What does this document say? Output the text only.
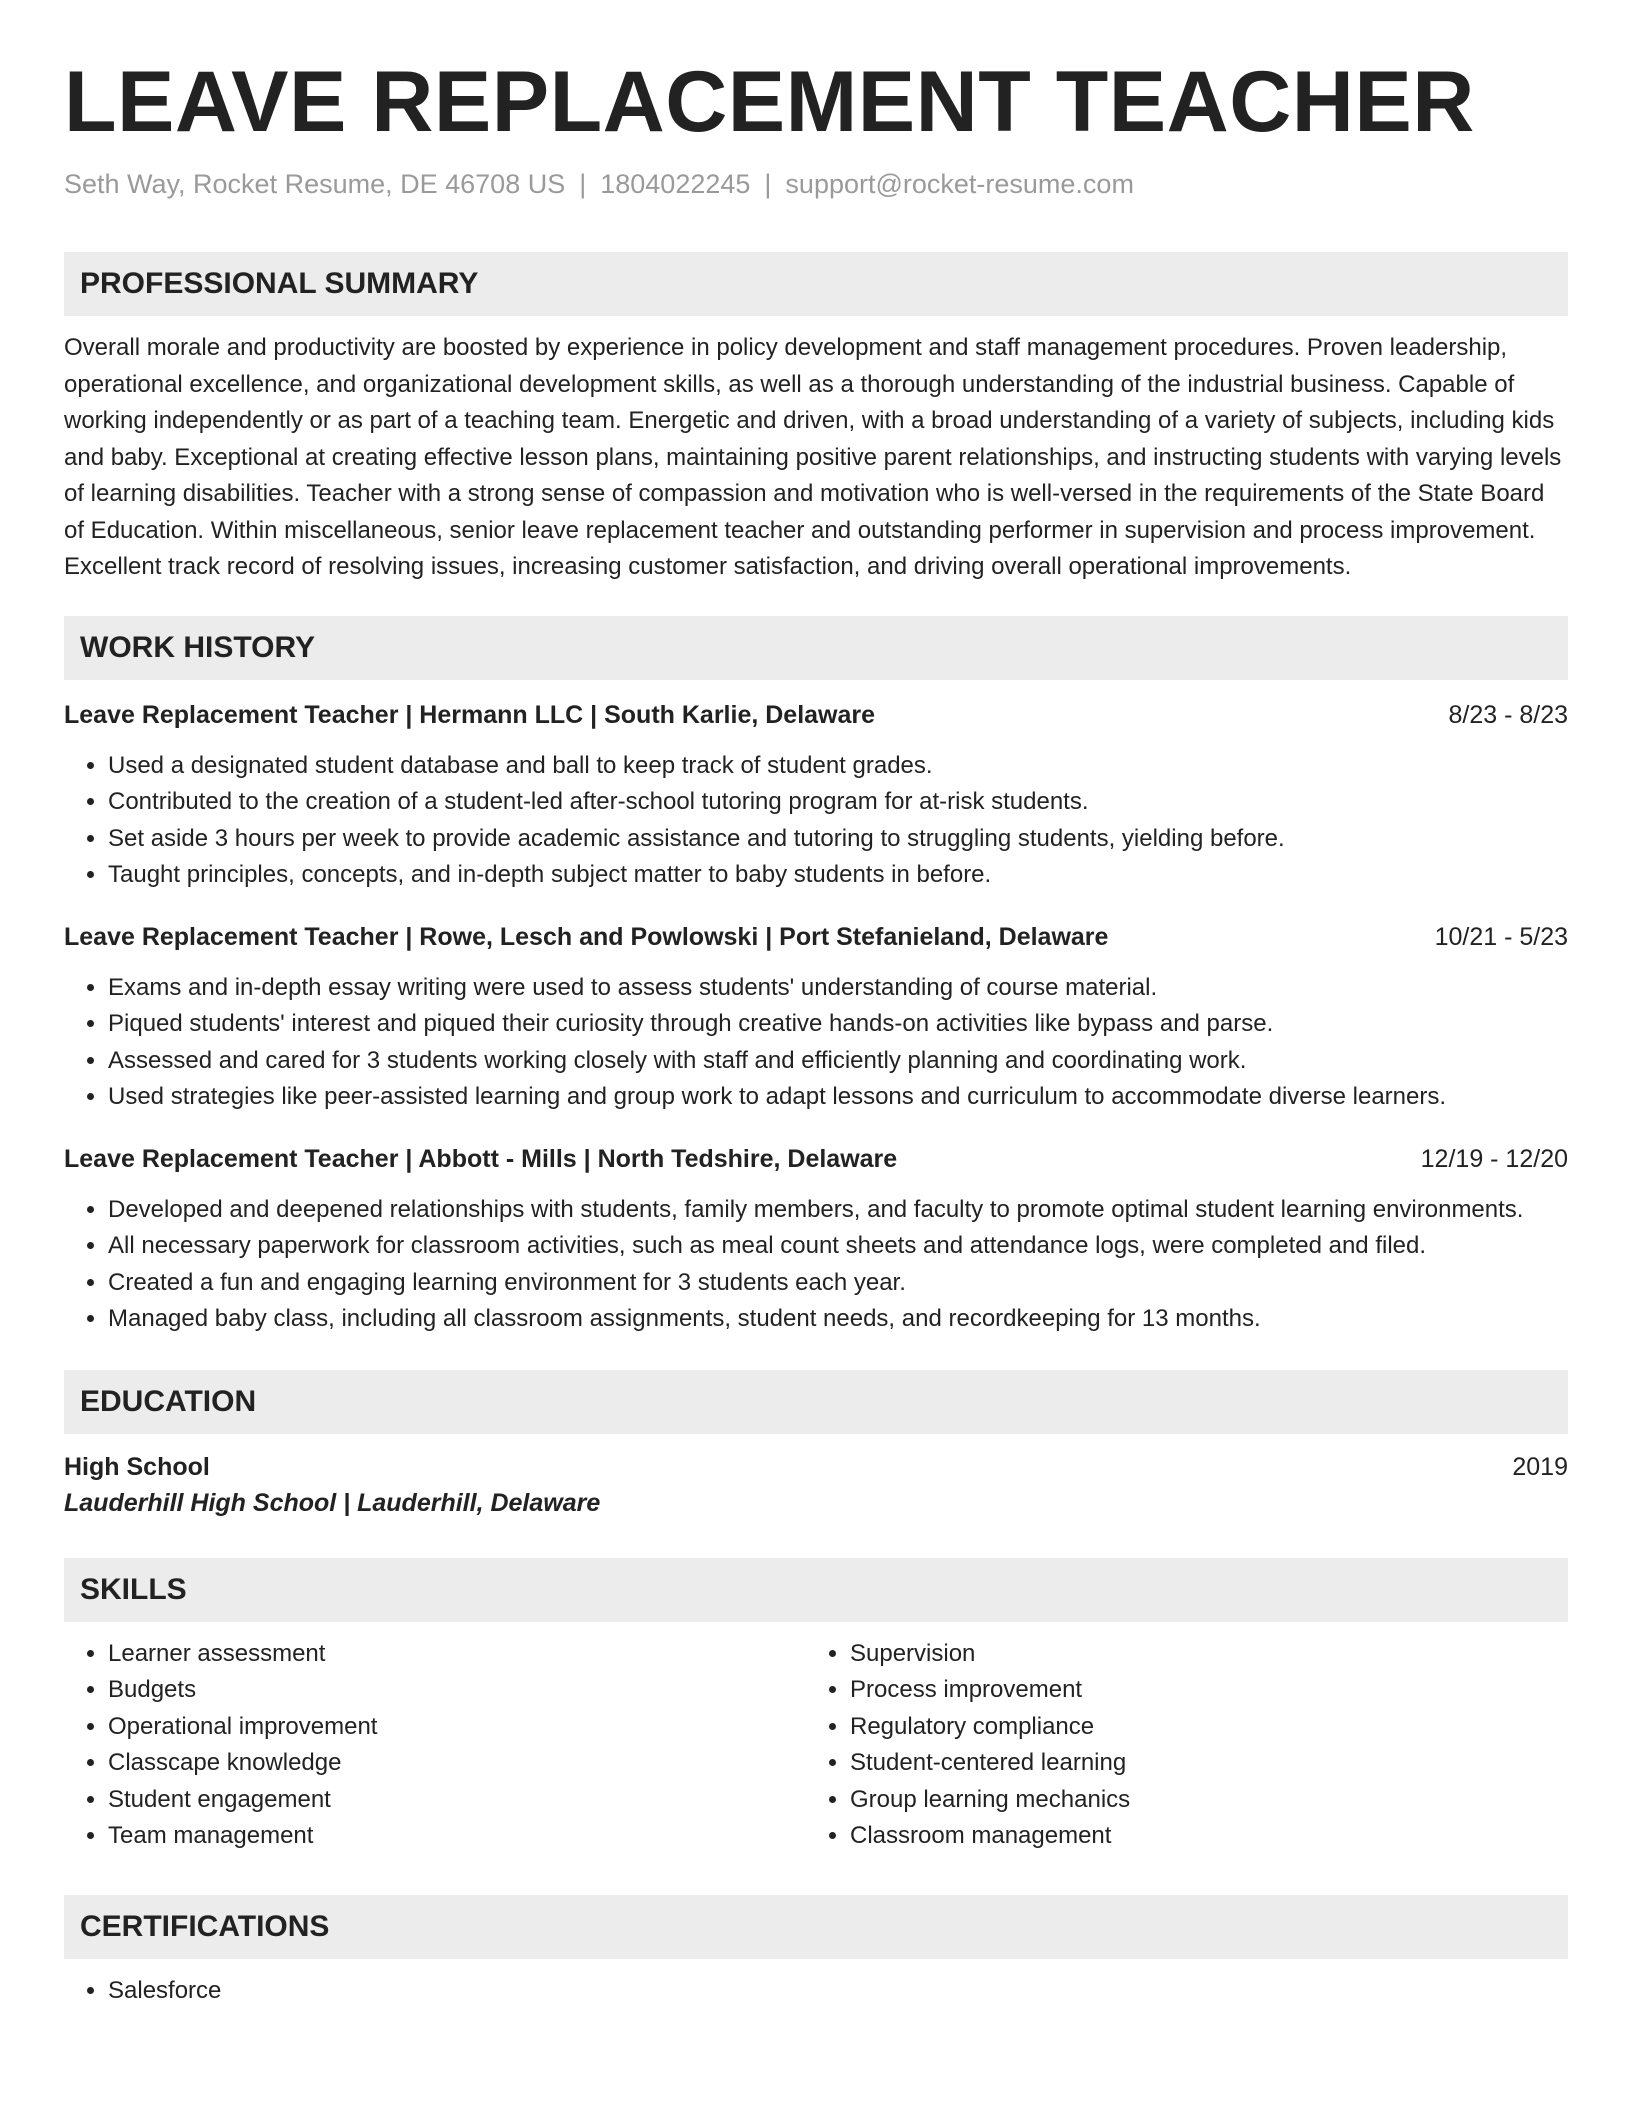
LEAVE REPLACEMENT TEACHER
Seth Way, Rocket Resume, DE 46708 US | 1804022245 | support@rocket-resume.com
PROFESSIONAL SUMMARY

Overall morale and productivity are boosted by experience in policy development and staff management procedures. Proven leadership, operational excellence, and organizational development skills, as well as a thorough understanding of the industrial business. Capable of working independently or as part of a teaching team. Energetic and driven, with a broad understanding of a variety of subjects, including kids and baby. Exceptional at creating effective lesson plans, maintaining positive parent relationships, and instructing students with varying levels of learning disabilities. Teacher with a strong sense of compassion and motivation who is well-versed in the requirements of the State Board of Education. Within miscellaneous, senior leave replacement teacher and outstanding performer in supervision and process improvement. Excellent track record of resolving issues, increasing customer satisfaction, and driving overall operational improvements.

WORK HISTORY
Leave Replacement Teacher | Hermann LLC | South Karlie, Delaware	8/23 - 8/23
• Used a designated student database and ball to keep track of student grades.
• Contributed to the creation of a student-led after-school tutoring program for at-risk students.
• Set aside 3 hours per week to provide academic assistance and tutoring to struggling students, yielding before.
• Taught principles, concepts, and in-depth subject matter to baby students in before.
Leave Replacement Teacher | Rowe, Lesch and Powlowski | Port Stefanieland, Delaware	10/21 - 5/23
• Exams and in-depth essay writing were used to assess students' understanding of course material.
• Piqued students' interest and piqued their curiosity through creative hands-on activities like bypass and parse.
• Assessed and cared for 3 students working closely with staff and efficiently planning and coordinating work.
• Used strategies like peer-assisted learning and group work to adapt lessons and curriculum to accommodate diverse learners.
Leave Replacement Teacher | Abbott - Mills | North Tedshire, Delaware	12/19 - 12/20
• Developed and deepened relationships with students, family members, and faculty to promote optimal student learning environments.
• All necessary paperwork for classroom activities, such as meal count sheets and attendance logs, were completed and filed.
• Created a fun and engaging learning environment for 3 students each year.
• Managed baby class, including all classroom assignments, student needs, and recordkeeping for 13 months.
EDUCATION
High School	2019
Lauderhill High School | Lauderhill, Delaware
SKILLS
• Learner assessment
• Budgets
• Operational improvement
• Classcape knowledge
• Student engagement
• Team management
• Supervision
• Process improvement
• Regulatory compliance
• Student-centered learning
• Group learning mechanics
• Classroom management
CERTIFICATIONS
• Salesforce
